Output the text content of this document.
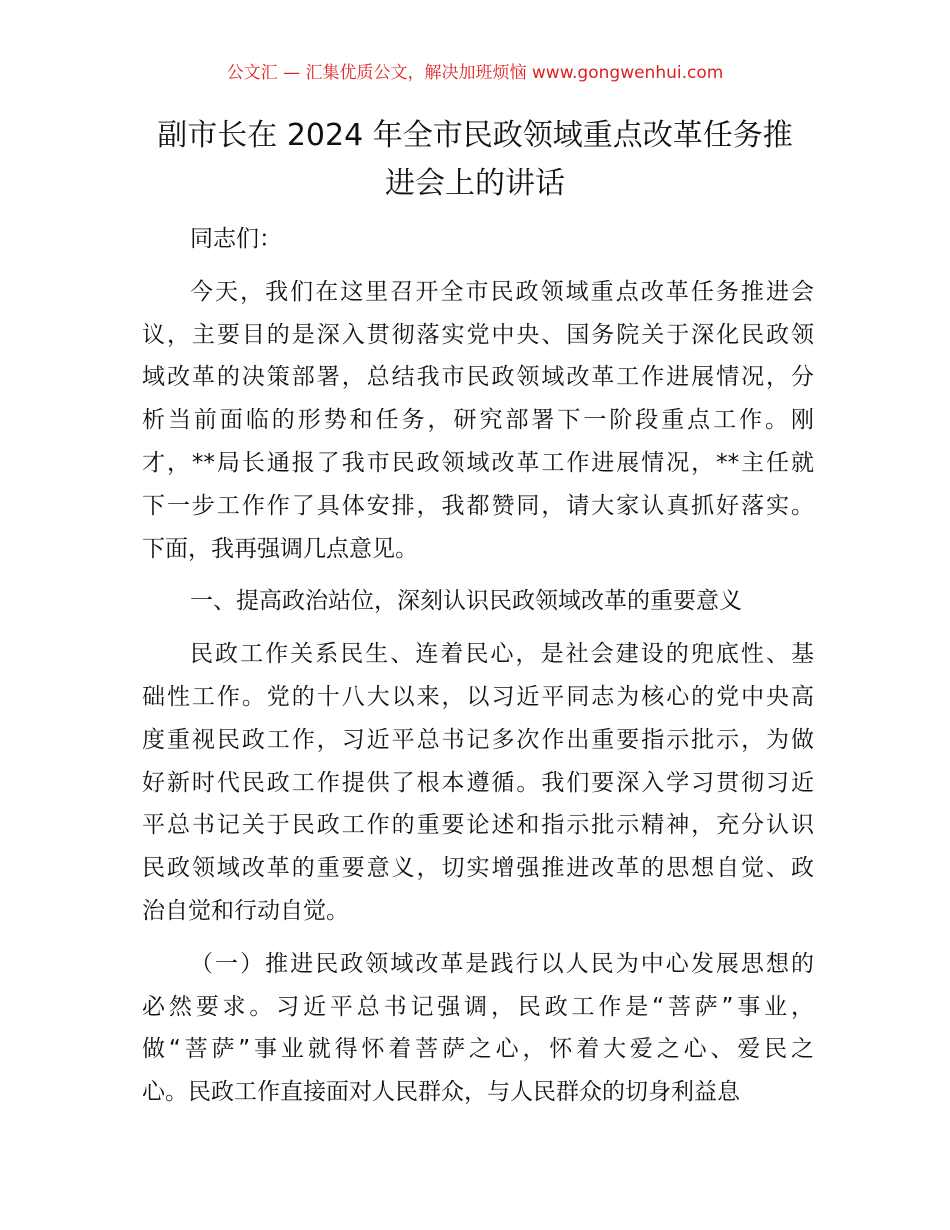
公文汇 — 汇集优质公文，解决加班烦恼 www.gongwenhui.com
副市长在 2024 年全市民政领域重点改革任务推
进会上的讲话
同志们：
今天，我们在这里召开全市民政领域重点改革任务推进会
议，主要目的是深入贯彻落实党中央、国务院关于深化民政领
域改革的决策部署，总结我市民政领域改革工作进展情况，分
析当前面临的形势和任务，研究部署下一阶段重点工作。刚
才，**局长通报了我市民政领域改革工作进展情况，**主任就
下一步工作作了具体安排，我都赞同，请大家认真抓好落实。
下面，我再强调几点意见。
一、提高政治站位，深刻认识民政领域改革的重要意义
民政工作关系民生、连着民心，是社会建设的兜底性、基
础性工作。党的十八大以来，以习近平同志为核心的党中央高
度重视民政工作，习近平总书记多次作出重要指示批示，为做
好新时代民政工作提供了根本遵循。我们要深入学习贯彻习近
平总书记关于民政工作的重要论述和指示批示精神，充分认识
民政领域改革的重要意义，切实增强推进改革的思想自觉、政
治自觉和行动自觉。
（一）推进民政领域改革是践行以人民为中心发展思想的
必然要求。习近平总书记强调，民政工作是“菩萨”事业，
做“菩萨”事业就得怀着菩萨之心，怀着大爱之心、爱民之
心。民政工作直接面对人民群众，与人民群众的切身利益息
